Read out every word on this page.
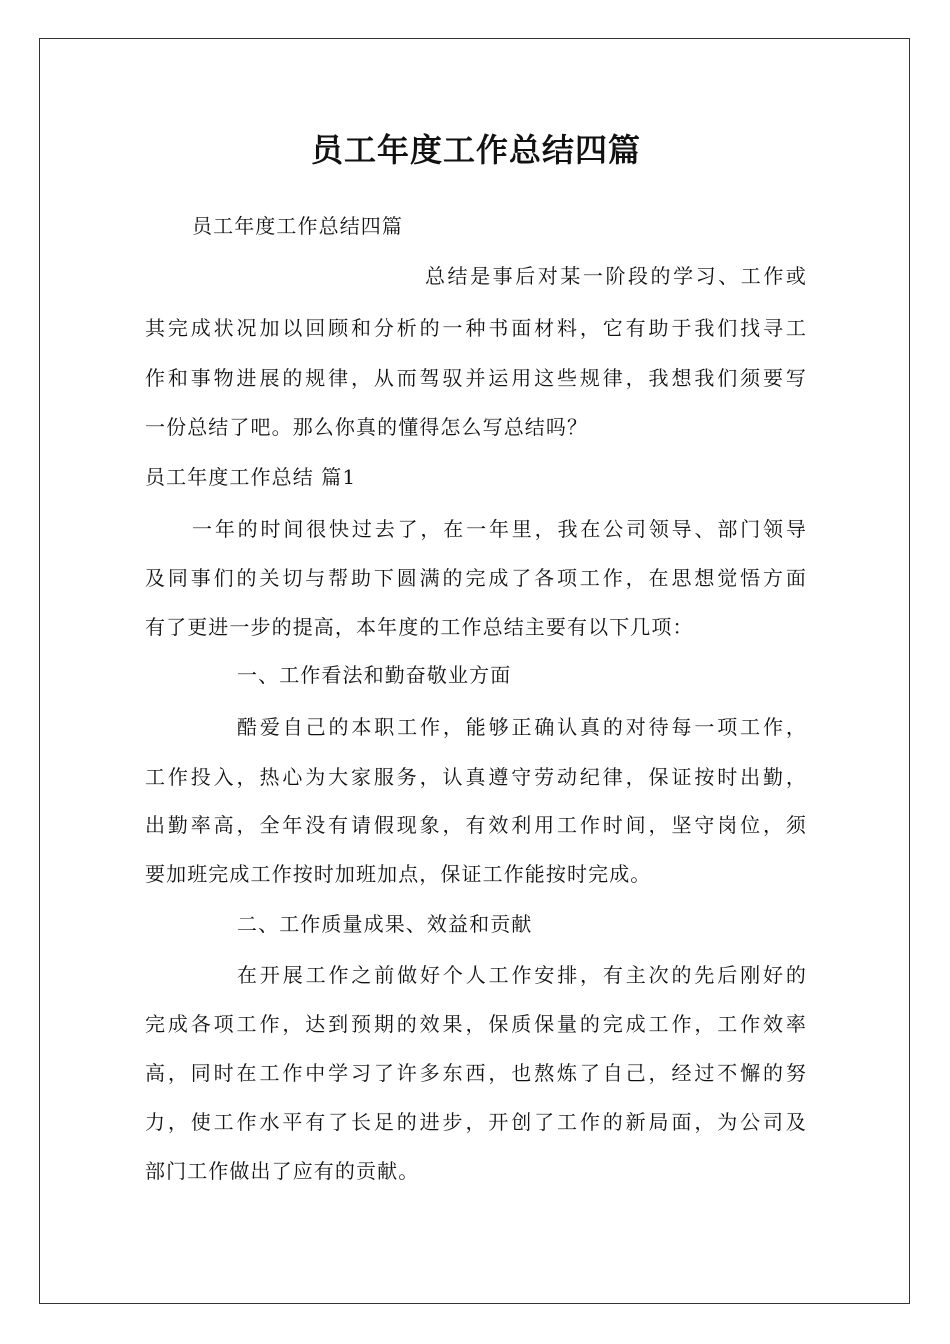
员工年度工作总结四篇
员工年度工作总结四篇
总结是事后对某一阶段的学习、工作或
其完成状况加以回顾和分析的一种书面材料，它有助于我们找寻工
作和事物进展的规律，从而驾驭并运用这些规律，我想我们须要写
一份总结了吧。那么你真的懂得怎么写总结吗？
员工年度工作总结 篇1
一年的时间很快过去了，在一年里，我在公司领导、部门领导
及同事们的关切与帮助下圆满的完成了各项工作，在思想觉悟方面
有了更进一步的提高，本年度的工作总结主要有以下几项：
一、工作看法和勤奋敬业方面
酷爱自己的本职工作，能够正确认真的对待每一项工作，
工作投入，热心为大家服务，认真遵守劳动纪律，保证按时出勤，
出勤率高，全年没有请假现象，有效利用工作时间，坚守岗位，须
要加班完成工作按时加班加点，保证工作能按时完成。
二、工作质量成果、效益和贡献
在开展工作之前做好个人工作安排，有主次的先后刚好的
完成各项工作，达到预期的效果，保质保量的完成工作，工作效率
高，同时在工作中学习了许多东西，也熬炼了自己，经过不懈的努
力，使工作水平有了长足的进步，开创了工作的新局面，为公司及
部门工作做出了应有的贡献。
